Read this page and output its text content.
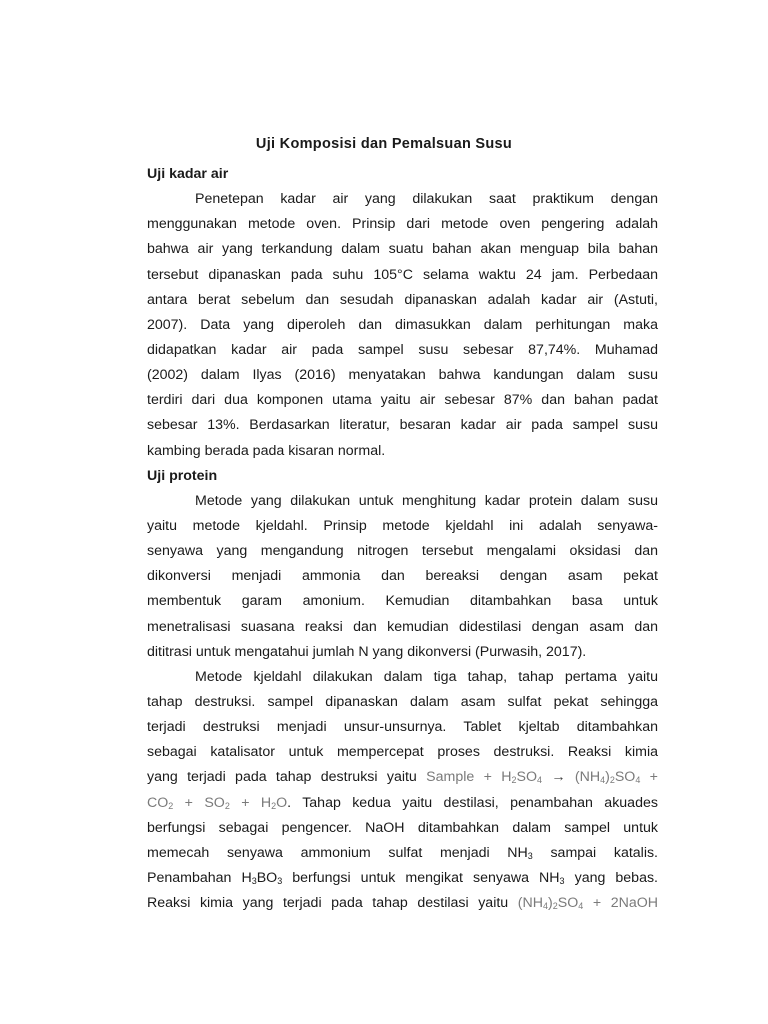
Uji Komposisi dan Pemalsuan Susu
Uji kadar air
Penetepan kadar air yang dilakukan saat praktikum dengan
menggunakan metode oven. Prinsip dari metode oven pengering adalah
bahwa air yang terkandung dalam suatu bahan akan menguap bila bahan
tersebut dipanaskan pada suhu 105°C selama waktu 24 jam. Perbedaan
antara berat sebelum dan sesudah dipanaskan adalah kadar air (Astuti,
2007). Data yang diperoleh dan dimasukkan dalam perhitungan maka
didapatkan kadar air pada sampel susu sebesar 87,74%. Muhamad
(2002) dalam Ilyas (2016) menyatakan bahwa kandungan dalam susu
terdiri dari dua komponen utama yaitu air sebesar 87% dan bahan padat
sebesar 13%. Berdasarkan literatur, besaran kadar air pada sampel susu
kambing berada pada kisaran normal.
Uji protein
Metode yang dilakukan untuk menghitung kadar protein dalam susu
yaitu metode kjeldahl. Prinsip metode kjeldahl ini adalah senyawa-
senyawa yang mengandung nitrogen tersebut mengalami oksidasi dan
dikonversi menjadi ammonia dan bereaksi dengan asam pekat
membentuk garam amonium. Kemudian ditambahkan basa untuk
menetralisasi suasana reaksi dan kemudian didestilasi dengan asam dan
dititrasi untuk mengatahui jumlah N yang dikonversi (Purwasih, 2017).
Metode kjeldahl dilakukan dalam tiga tahap, tahap pertama yaitu
tahap destruksi. sampel dipanaskan dalam asam sulfat pekat sehingga
terjadi destruksi menjadi unsur-unsurnya. Tablet kjeltab ditambahkan
sebagai katalisator untuk mempercepat proses destruksi. Reaksi kimia
yang terjadi pada tahap destruksi yaitu Sample + $H_2SO_4 \to (NH_4)_2SO_4$ +
$CO_2 + SO_2 + H_2O$. Tahap kedua yaitu destilasi, penambahan akuades
berfungsi sebagai pengencer. NaOH ditambahkan dalam sampel untuk
memecah senyawa ammonium sulfat menjadi $NH_3$ sampai katalis.
Penambahan $H_3BO_3$ berfungsi untuk mengikat senyawa $NH_3$ yang bebas.
Reaksi kimia yang terjadi pada tahap destilasi yaitu $(NH_4)_2SO_4$ + 2NaOH
